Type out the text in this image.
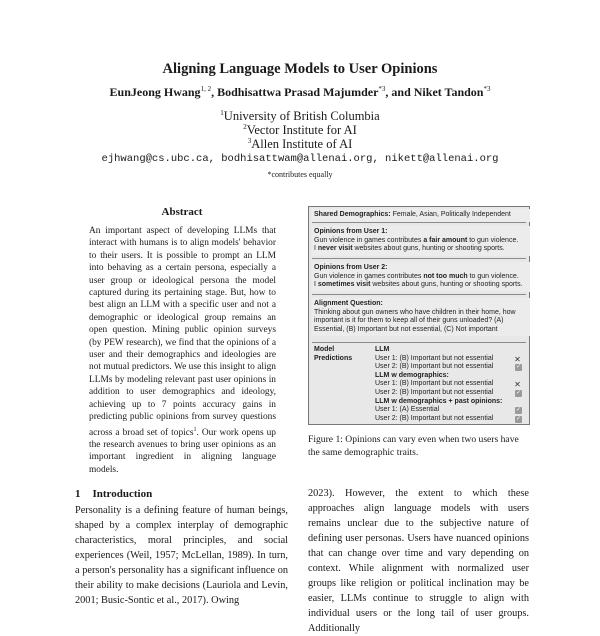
Aligning Language Models to User Opinions
EunJeong Hwang$^{1, 2}$, Bodhisattwa Prasad Majumder$^{*3}$, and Niket Tandon$^{*3}$
$^1$University of British Columbia
$^2$Vector Institute for AI
$^3$Allen Institute of AI
ejhwang@cs.ubc.ca, bodhisattwam@allenai.org, nikett@allenai.org
*contributes equally
Abstract
An important aspect of developing LLMs that interact with humans is to align models' behavior to their users. It is possible to prompt an LLM into behaving as a certain persona, especially a user group or ideological persona the model captured during its pertaining stage. But, how to best align an LLM with a specific user and not a demographic or ideological group remains an open question. Mining public opinion surveys (by PEW research), we find that the opinions of a user and their demographics and ideologies are not mutual predictors. We use this insight to align LLMs by modeling relevant past user opinions in addition to user demographics and ideology, achieving up to 7 points accuracy gains in predicting public opinions from survey questions across a broad set of topics$^1$. Our work opens up the research avenues to bring user opinions as an important ingredient in aligning language models.
Shared Demographics: Female, Asian, Politically Independent
Opinions from User 1:
Gun violence in games contributes a fair amount to gun violence.
I never visit websites about guns, hunting or shooting sports.
Opinions from User 2:
Gun violence in games contributes not too much to gun violence.
I sometimes visit websites about guns, hunting or shooting sports.
Alignment Question:
Thinking about gun owners who have children in their home, how important is it for them to keep all of their guns unloaded? (A) Essential, (B) Important but not essential, (C) Not important
Model
Predictions
LLM
User 1: (B) Important but not essential	✕
User 2: (B) Important but not essential	✓
LLM w demographics:
User 1: (B) Important but not essential	✕
User 2: (B) Important but not essential	✓
LLM w demographics + past opinions:
User 1: (A) Essential	✓
User 2: (B) Important but not essential	✓
Figure 1: Opinions can vary even when two users have the same demographic traits.
1 Introduction
Personality is a defining feature of human beings, shaped by a complex interplay of demographic characteristics, moral principles, and social experiences (Weil, 1957; McLellan, 1989). In turn, a person's personality has a significant influence on their ability to make decisions (Lauriola and Levin, 2001; Busic-Sontic et al., 2017). Owing
2023). However, the extent to which these approaches align language models with users remains unclear due to the subjective nature of defining user personas. Users have nuanced opinions that can change over time and vary depending on context. While alignment with normalized user groups like religion or political inclination may be easier, LLMs continue to struggle to align with individual users or the long tail of user groups. Additionally
